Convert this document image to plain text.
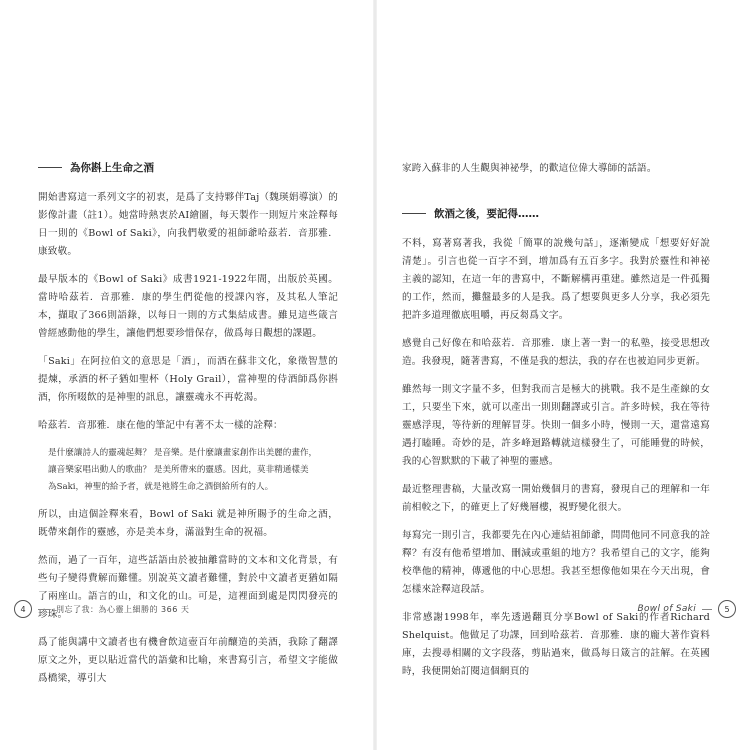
為你斟上生命之酒

開始書寫這一系列文字的初衷，是爲了支持夥伴Taj（魏瑛娟導演）的影像計畫（註1）。她當時熱衷於AI繪圖，每天製作一則短片來詮釋每日一則的《Bowl of Saki》，向我們敬愛的祖師爺哈茲若．音那雅．康致敬。

最早版本的《Bowl of Saki》成書1921-1922年間，出版於英國。當時哈茲若．音那雅．康的學生們從他的授課內容，及其私人筆記本，擷取了366則語錄，以每日一則的方式集結成書。雖見這些箴言曾經感動他的學生，讓他們想要珍惜保存，做爲每日觀想的課題。

「Saki」在阿拉伯文的意思是「酒」，而酒在蘇非文化，象徵智慧的提煉，承酒的杯子猶如聖杯（Holy Grail），當神聖的侍酒師爲你斟酒，你所啜飲的是神聖的訊息，讓靈魂永不再乾渴。

哈茲若．音那雅．康在他的筆記中有著不太一樣的詮釋：

是什麼讓詩人的靈魂起舞？ 是音樂。是什麼讓畫家創作出美麗的畫作，
讓音樂家唱出動人的歌曲？ 是美所帶來的靈感。因此，莫非精通樣美
為Saki，神聖的給予者，就是祂將生命之酒倒給所有的人。

所以，由這個詮釋來看，Bowl of Saki 就是神所賜予的生命之酒，既帶來創作的靈感，亦是美本身，滿溢對生命的祝福。

然而，過了一百年，這些話語由於被抽離當時的文本和文化背景，有些句子變得費解而難懂。別說英文讀者難懂，對於中文讀者更猶如隔了兩座山。語言的山，和文化的山。可是，這裡面到處是閃閃發亮的珍珠。

爲了能與講中文讀者也有機會飲這壺百年前釀造的美酒，我除了翻譯原文之外，更以貼近當代的語彙和比喻，來書寫引言，希望文字能做爲橋梁，導引大

4	別忘了我：為心靈上細勝的 366 天

家跨入蘇非的人生觀與神祕學，的歡這位偉大導師的話語。

飲酒之後，要記得……

不料，寫著寫著我，我從「簡單的說幾句話」，逐漸變成「想要好好說清楚」。引言也從一百字不到，增加爲有五百多字。我對於靈性和神祕主義的認知，在這一年的書寫中，不斷解構再重建。雖然這是一件孤獨的工作，然而，攤盤最多的人是我。爲了想要與更多人分享，我必須先把許多道理徹底咀嚼，再反芻爲文字。

感覺自己好像在和哈茲若．音那雅．康上著一對一的私塾，接受思想改造。我發現，隨著書寫，不僅是我的想法，我的存在也被迫同步更新。

雖然每一則文字量不多，但對我而言是極大的挑戰。我不是生產線的女工，只要坐下來，就可以產出一則則翻譯或引言。許多時候，我在等待靈感浮現，等待新的理解冒芽。快則一個多小時，慢則一天，還當遠寫遇打瞌睡。奇妙的是，許多峰迴路轉就這樣發生了，可能睡覺的時候，我的心智默默的下載了神聖的靈感。

最近整理書稿，大量改寫一開始幾個月的書寫，發現自己的理解和一年前相較之下，的確更上了好幾層樓，視野變化很大。

每寫完一則引言，我都要先在內心連結祖師爺，問問他同不同意我的詮釋？有沒有他希望增加、刪減或重組的地方？我希望自己的文字，能夠校準他的精神，傳遞他的中心思想。我甚至想像他如果在今天出現，會怎樣來詮釋這段話。

非常感謝1998年，率先透過翻頁分享Bowl of Saki的作者Richard Shelquist。他做足了功課，回到哈茲若．音那雅．康的龐大著作資料庫，去搜尋相關的文字段落，剪貼過來，做爲每日箴言的註解。在英國時，我便開始訂閱這個網頁的

Bowl of Saki	5
